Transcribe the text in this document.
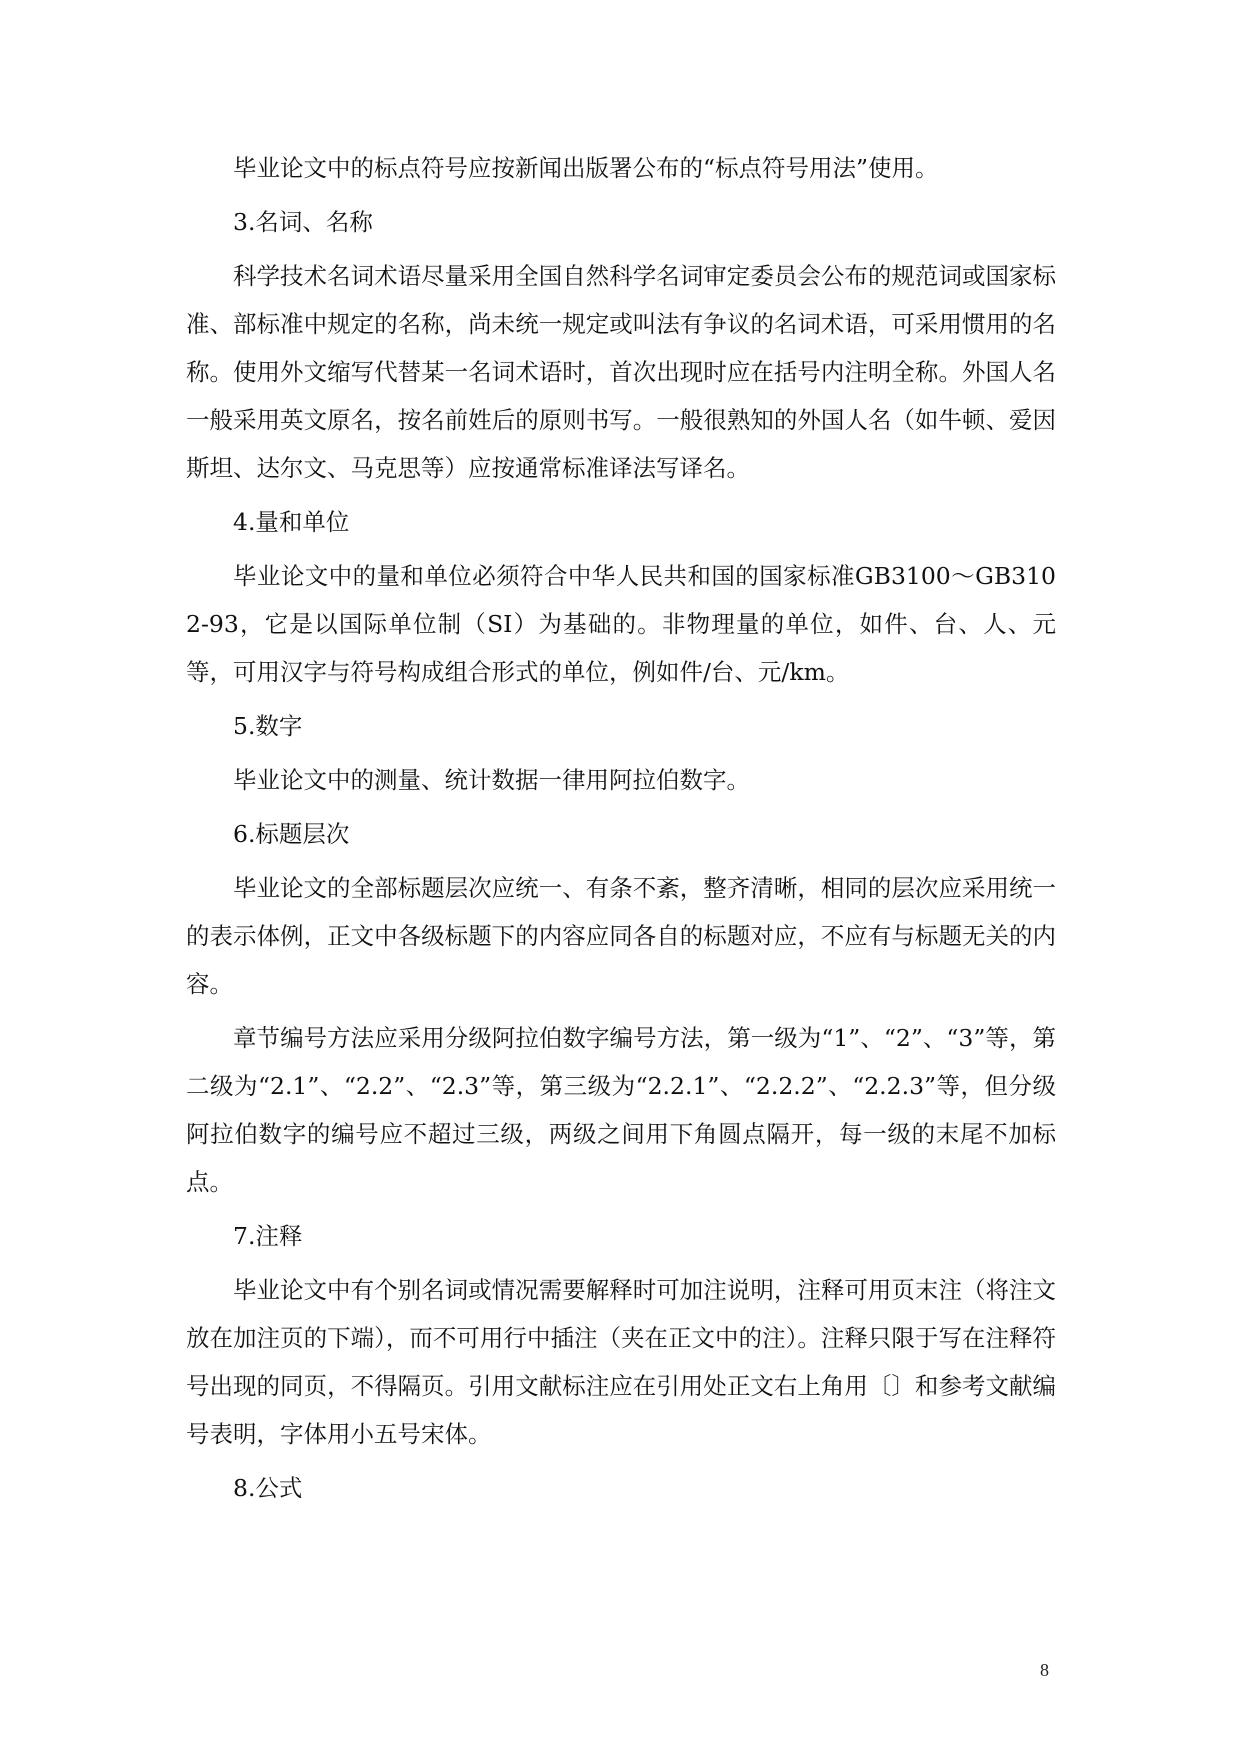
毕业论文中的标点符号应按新闻出版署公布的“标点符号用法”使用。

3.名词、名称

科学技术名词术语尽量采用全国自然科学名词审定委员会公布的规范词或国家标准、部标准中规定的名称，尚未统一规定或叫法有争议的名词术语，可采用惯用的名称。使用外文缩写代替某一名词术语时，首次出现时应在括号内注明全称。外国人名一般采用英文原名，按名前姓后的原则书写。一般很熟知的外国人名（如牛顿、爱因斯坦、达尔文、马克思等）应按通常标准译法写译名。

4.量和单位

毕业论文中的量和单位必须符合中华人民共和国的国家标准GB3100～GB3102-93，它是以国际单位制（SI）为基础的。非物理量的单位，如件、台、人、元等，可用汉字与符号构成组合形式的单位，例如件/台、元/km。

5.数字

毕业论文中的测量、统计数据一律用阿拉伯数字。

6.标题层次

毕业论文的全部标题层次应统一、有条不紊，整齐清晰，相同的层次应采用统一的表示体例，正文中各级标题下的内容应同各自的标题对应，不应有与标题无关的内容。

章节编号方法应采用分级阿拉伯数字编号方法，第一级为“1”、“2”、“3”等，第二级为“2.1”、“2.2”、“2.3”等，第三级为“2.2.1”、“2.2.2”、“2.2.3”等，但分级阿拉伯数字的编号应不超过三级，两级之间用下角圆点隔开，每一级的末尾不加标点。

7.注释

毕业论文中有个别名词或情况需要解释时可加注说明，注释可用页末注（将注文放在加注页的下端），而不可用行中插注（夹在正文中的注）。注释只限于写在注释符号出现的同页，不得隔页。引用文献标注应在引用处正文右上角用〔〕和参考文献编号表明，字体用小五号宋体。

8.公式

8
